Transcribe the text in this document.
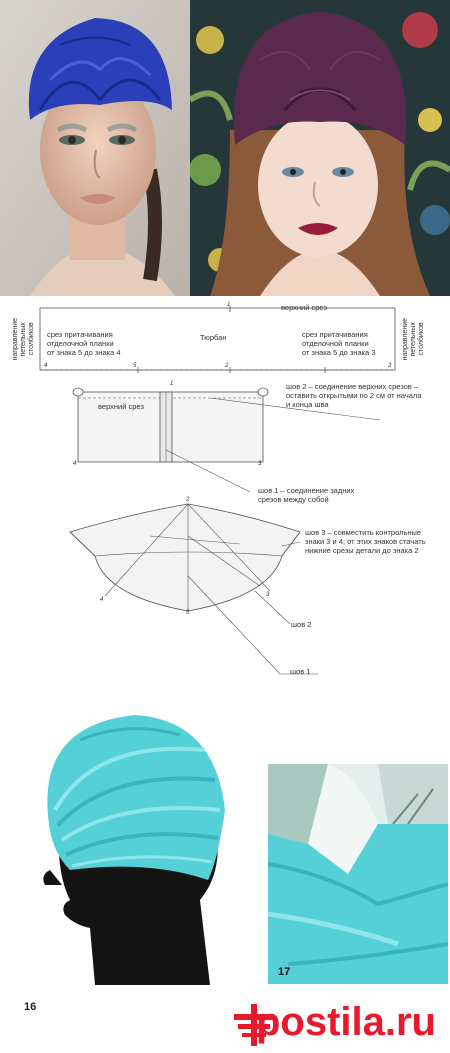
верхний срез
Тюрбан
срез притачивания
отделочной планки
от знака 5 до знака 4
срез притачивания
отделочной планки
от знака 5 до знака 3
направление петельных столбиков	направление петельных столбиков
1
4	5	2	3
верхний срез
1
4	3
шов 2 – соединение верхних срезов –
оставить открытыми по 2 см от начала
и конца шва
шов 1 – соединение задних
срезов между собой
2
4
3
5
шов 3 – совместить контрольные
знаки 3 и 4; от этих знаков стачать
нижние срезы детали до знака 2
шов 2
шов 1
16
17
postila.ru
